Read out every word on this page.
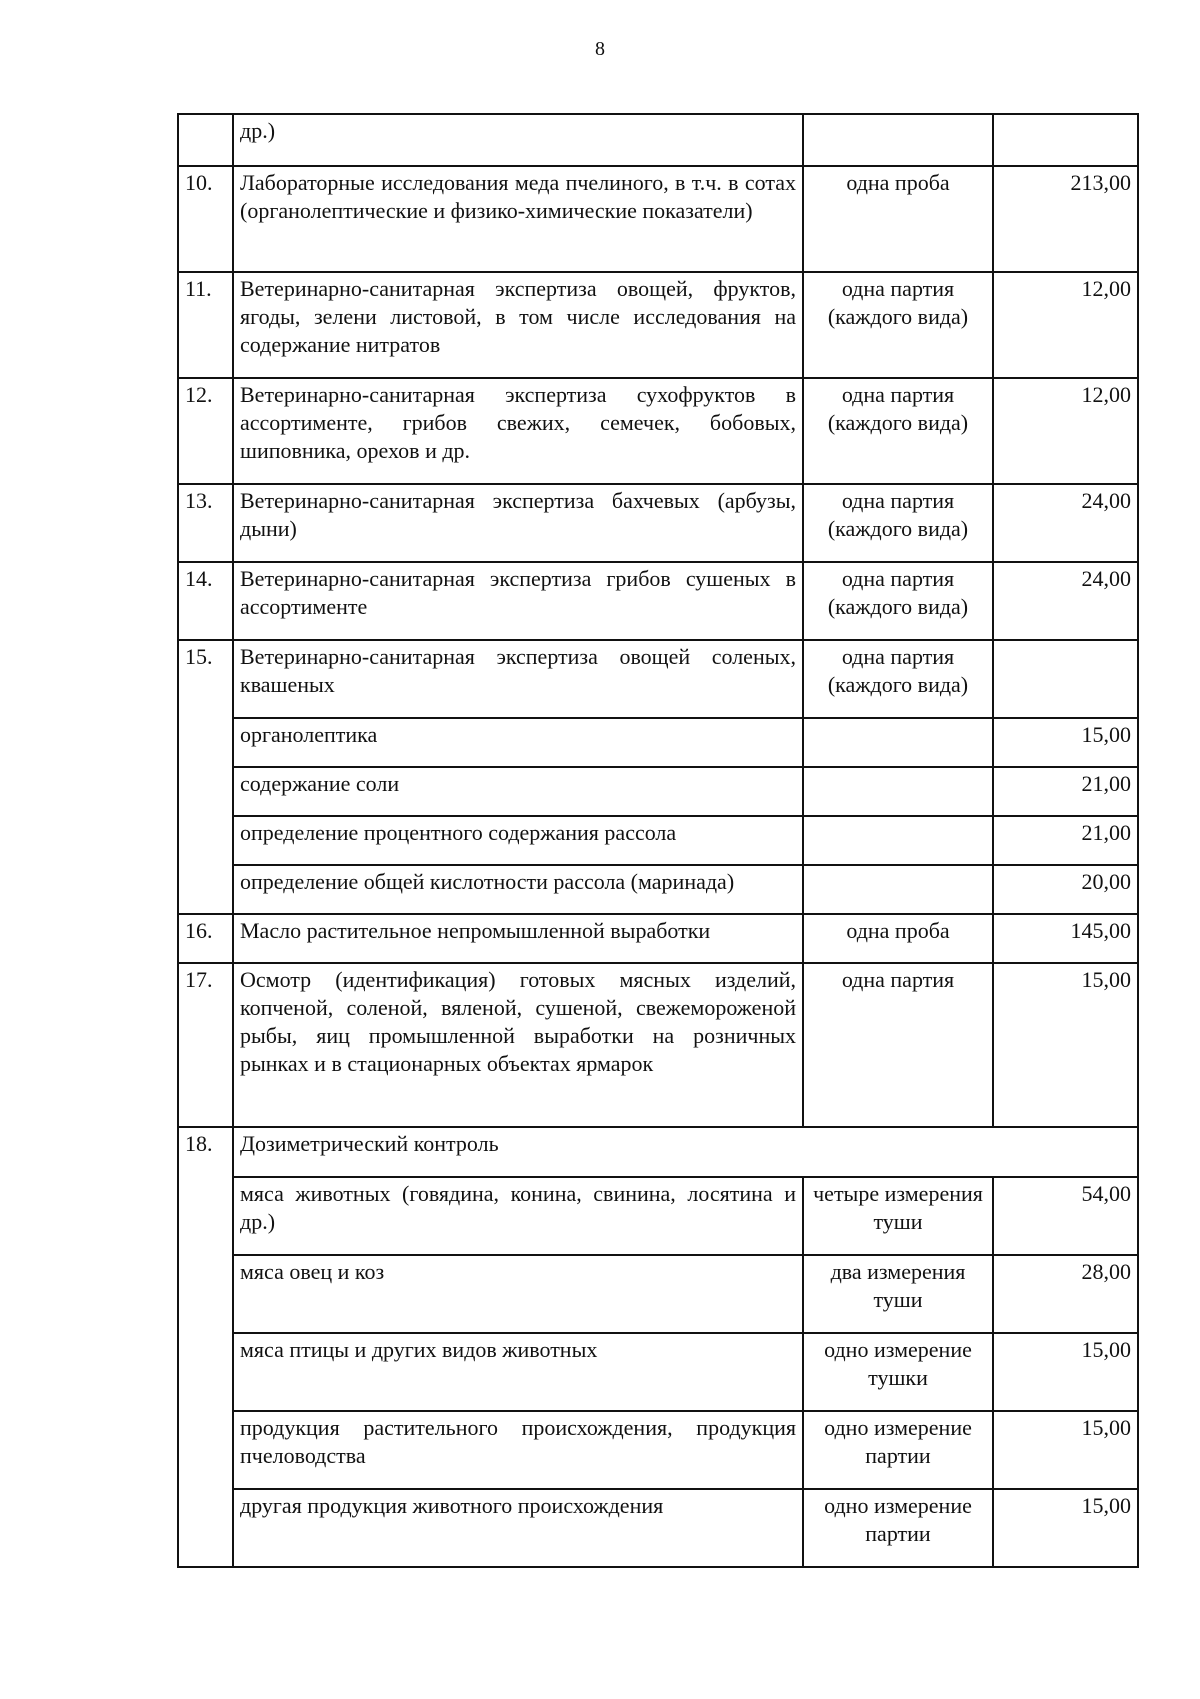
8
	др.)		
10.	Лабораторные исследования меда пчелиного, в т.ч. в сотах (органолептические и физико-химические показатели)	одна проба	213,00
11.	Ветеринарно-санитарная экспертиза овощей, фруктов, ягоды, зелени листовой, в том числе исследования на содержание нитратов	одна партия (каждого вида)	12,00
12.	Ветеринарно-санитарная экспертиза сухофруктов в ассортименте, грибов свежих, семечек, бобовых, шиповника, орехов и др.	одна партия (каждого вида)	12,00
13.	Ветеринарно-санитарная экспертиза бахчевых (арбузы, дыни)	одна партия (каждого вида)	24,00
14.	Ветеринарно-санитарная экспертиза грибов сушеных в ассортименте	одна партия (каждого вида)	24,00
15.	Ветеринарно-санитарная экспертиза овощей соленых, квашеных	одна партия (каждого вида)	
	органолептика		15,00
	содержание соли		21,00
	определение процентного содержания рассола		21,00
	определение общей кислотности рассола (маринада)		20,00
16.	Масло растительное непромышленной выработки	одна проба	145,00
17.	Осмотр (идентификация) готовых мясных изделий, копченой, соленой, вяленой, сушеной, свежемороженой рыбы, яиц промышленной выработки на розничных рынках и в стационарных объектах ярмарок	одна партия	15,00
18.	Дозиметрический контроль		
	мяса животных (говядина, конина, свинина, лосятина и др.)	четыре измерения туши	54,00
	мяса овец и коз	два измерения туши	28,00
	мяса птицы и других видов животных	одно измерение тушки	15,00
	продукция растительного происхождения, продукция пчеловодства	одно измерение партии	15,00
	другая продукция животного происхождения	одно измерение партии	15,00
